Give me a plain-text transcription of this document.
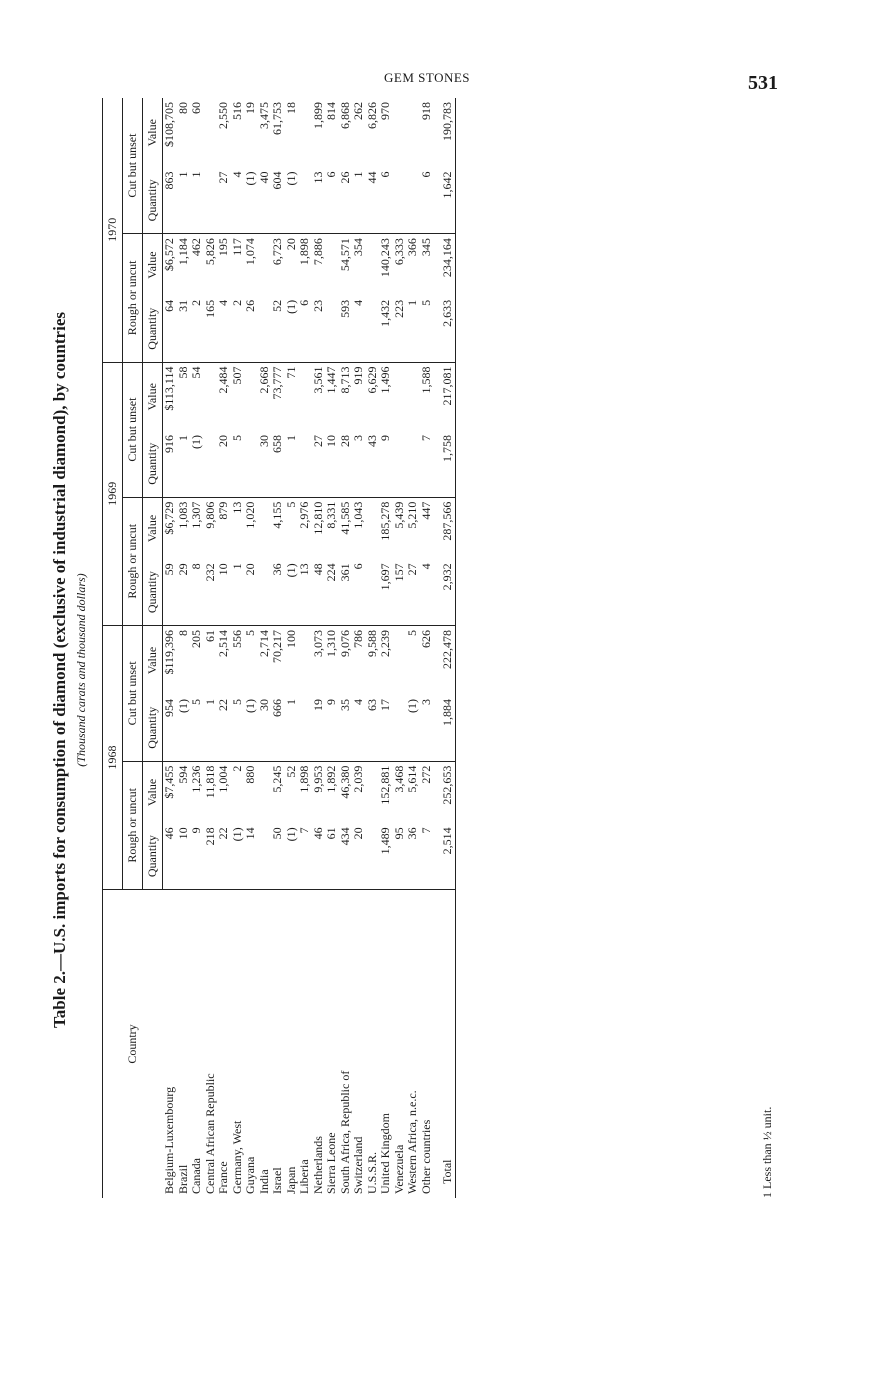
GEM STONES	531
Table 2.—U.S. imports for consumption of diamond (exclusive of industrial diamond), by countries (Thousand carats and thousand dollars)
Country	1968				1969				1970			
	Rough or uncut		Cut but unset		Rough or uncut		Cut but unset		Rough or uncut		Cut but unset	
	Quantity	Value	Quantity	Value	Quantity	Value	Quantity	Value	Quantity	Value	Quantity	Value
Belgium-Luxembourg	46	$7,455	954	$119,396	59	$6,729	916	$113,114	64	$6,572	863	$108,705
Brazil	10	594	(1)	8	29	1,083	1	58	31	1,184	1	80
Canada	9	1,236	5	205	8	1,307	(1)	54	2	462	1	60
Central African Republic	218	11,818	1	61	232	9,806			165	5,826		
France	22	1,004	22	2,514	10	879	20	2,484	4	195	27	2,550
Germany, West	(1)	2	5	556	1	13	5	507	2	117	4	516
Guyana	14	880	(1)	5	20	1,020			26	1,074	(1)	19
India			30	2,714			30	2,668			40	3,475
Israel	50	5,245	666	70,217	36	4,155	658	73,777	52	6,723	604	61,753
Japan	(1)	52	1	100	(1)	5	1	71	(1)	20	(1)	18
Liberia	7	1,898			13	2,976			6	1,898		
Netherlands	46	9,953	19	3,073	48	12,810	27	3,561	23	7,886	13	1,899
Sierra Leone	61	1,892	9	1,310	224	8,331	10	1,447			6	814
South Africa, Republic of	434	46,380	35	9,076	361	41,585	28	8,713	593	54,571	26	6,868
Switzerland	20	2,039	4	786	6	1,043	3	919	4	354	1	262
U.S.S.R.			63	9,588			43	6,629			44	6,826
United Kingdom	1,489	152,881	17	2,239	1,697	185,278	9	1,496	1,432	140,243	6	970
Venezuela	95	3,468			157	5,439			223	6,333		
Western Africa, n.e.c.	36	5,614	(1)	5	27	5,210			1	366		
Other countries	7	272	3	626	4	447	7	1,588	5	345	6	918
Total	2,514	252,653	1,884	222,478	2,932	287,566	1,758	217,081	2,633	234,164	1,642	190,783
1 Less than ½ unit.
